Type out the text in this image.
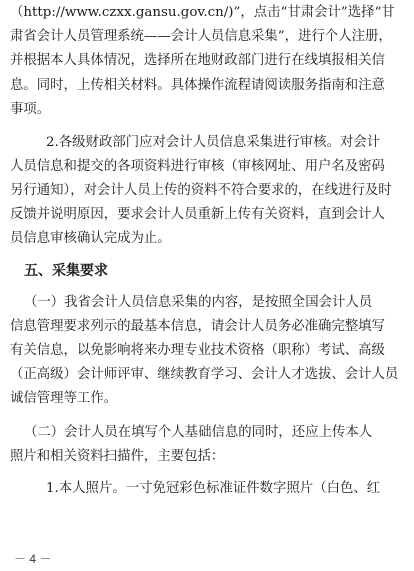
（http://www.czxx.gansu.gov.cn/)”，点击“甘肃会计”选择“甘
肃省会计人员管理系统——会计人员信息采集”，进行个人注册，
并根据本人具体情况，选择所在地财政部门进行在线填报相关信
息。同时，上传相关材料。具体操作流程请阅读服务指南和注意
事项。
2.各级财政部门应对会计人员信息采集进行审核。对会计
人员信息和提交的各项资料进行审核（审核网址、用户名及密码
另行通知），对会计人员上传的资料不符合要求的，在线进行及时
反馈并说明原因，要求会计人员重新上传有关资料，直到会计人
员信息审核确认完成为止。
五、采集要求
（一）我省会计人员信息采集的内容，是按照全国会计人员
信息管理要求列示的最基本信息，请会计人员务必准确完整填写
有关信息，以免影响将来办理专业技术资格（职称）考试、高级
（正高级）会计师评审、继续教育学习、会计人才选拔、会计人员
诚信管理等工作。
（二）会计人员在填写个人基础信息的同时，还应上传本人
照片和相关资料扫描件，主要包括：
1.本人照片。一寸免冠彩色标准证件数字照片（白色、红
－ 4 －
